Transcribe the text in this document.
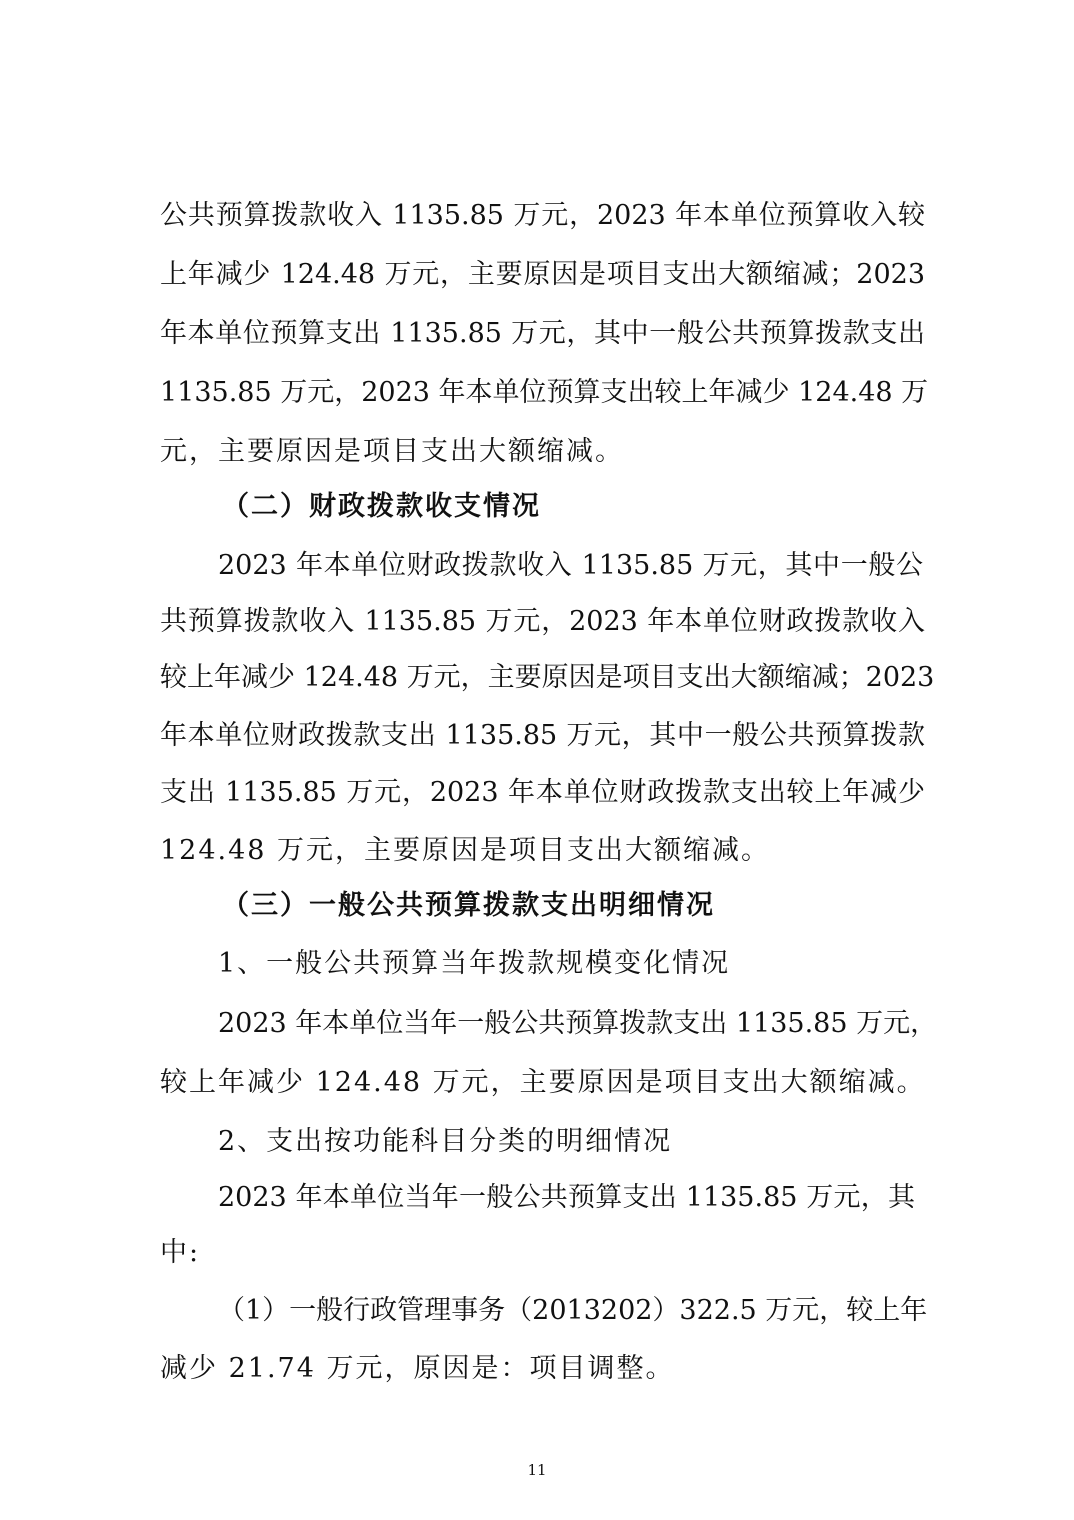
公共预算拨款收入 1135.85 万元，2023 年本单位预算收入较
上年减少 124.48 万元，主要原因是项目支出大额缩减；2023
年本单位预算支出 1135.85 万元，其中一般公共预算拨款支出
1135.85 万元，2023 年本单位预算支出较上年减少 124.48 万
元，主要原因是项目支出大额缩减。
（二）财政拨款收支情况
2023 年本单位财政拨款收入 1135.85 万元，其中一般公
共预算拨款收入 1135.85 万元，2023 年本单位财政拨款收入
较上年减少 124.48 万元，主要原因是项目支出大额缩减；2023
年本单位财政拨款支出 1135.85 万元，其中一般公共预算拨款
支出 1135.85 万元，2023 年本单位财政拨款支出较上年减少
124.48 万元，主要原因是项目支出大额缩减。
（三）一般公共预算拨款支出明细情况
1、一般公共预算当年拨款规模变化情况
2023 年本单位当年一般公共预算拨款支出 1135.85 万元，
较上年减少 124.48 万元，主要原因是项目支出大额缩减。
2、支出按功能科目分类的明细情况
2023 年本单位当年一般公共预算支出 1135.85 万元，其
中:
（1）一般行政管理事务（2013202）322.5 万元，较上年
减少 21.74 万元，原因是：项目调整。
11
